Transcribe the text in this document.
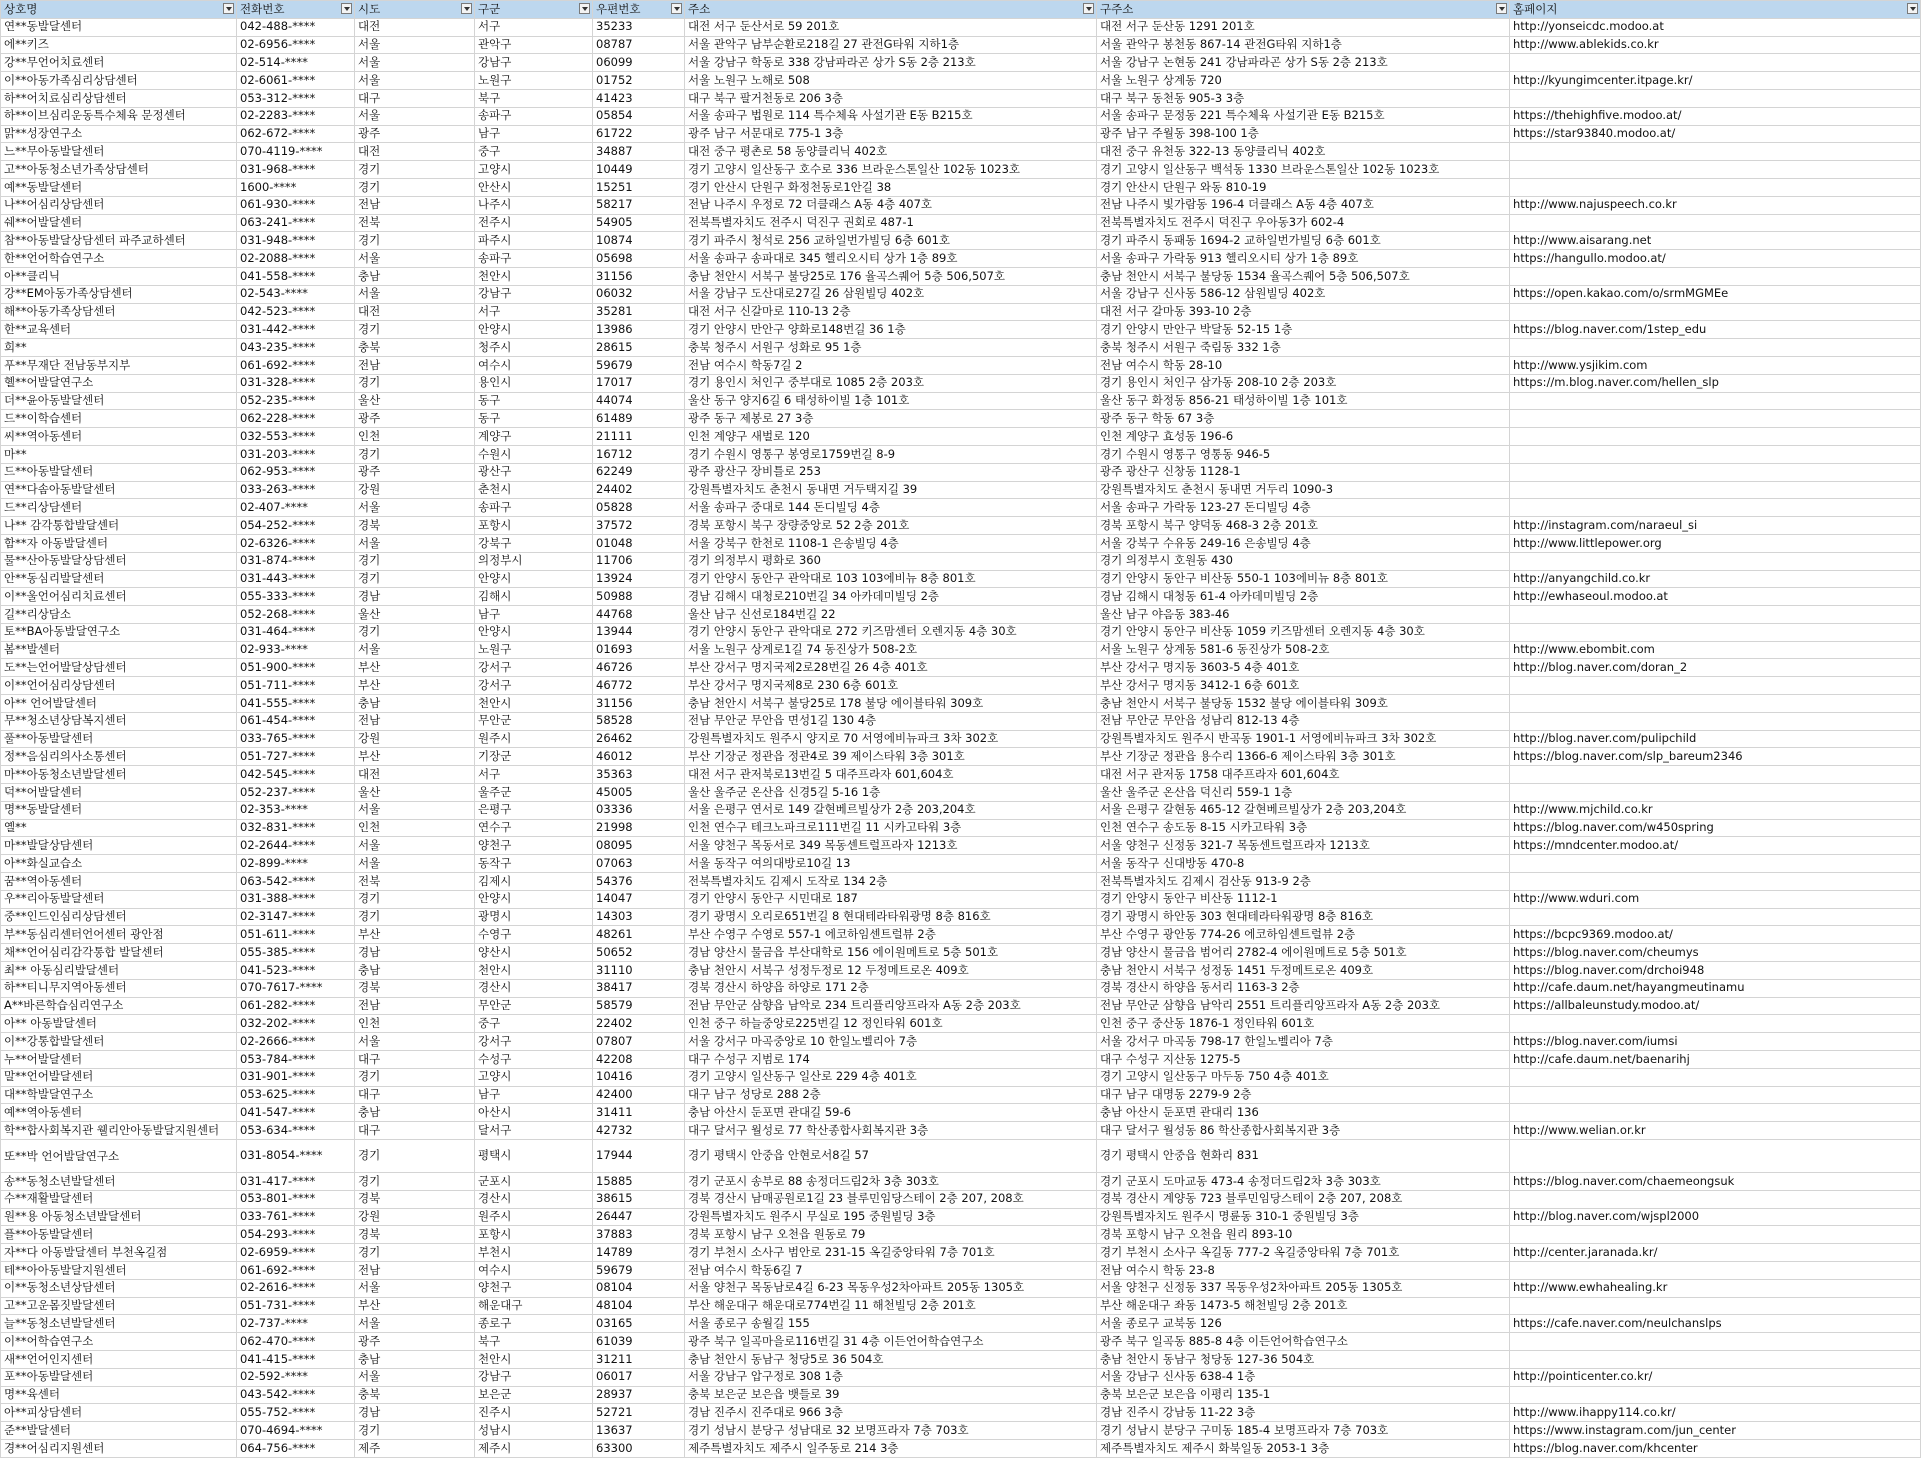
상호명	전화번호	시도	구군	우편번호	주소	구주소	홈페이지

연**동발달센터	042-488-****	대전	서구	35233	대전 서구 둔산서로 59 201호	대전 서구 둔산동 1291 201호	http://yonseicdc.modoo.at
에**키즈	02-6956-****	서울	관악구	08787	서울 관악구 남부순환로218길 27 관전G타워 지하1층	서울 관악구 봉천동 867-14 관전G타워 지하1층	http://www.ablekids.co.kr
강**무언어치료센터	02-514-****	서울	강남구	06099	서울 강남구 학동로 338 강남파라곤 상가 S동 2층 213호	서울 강남구 논현동 241 강남파라곤 상가 S동 2층 213호	
이**아동가족심리상담센터	02-6061-****	서울	노원구	01752	서울 노원구 노해로 508	서울 노원구 상계동 720	http://kyungimcenter.itpage.kr/
하**어치료심리상담센터	053-312-****	대구	북구	41423	대구 북구 팔거천동로 206 3층	대구 북구 동천동 905-3 3층	
하**이브심리운동특수체육 문정센터	02-2283-****	서울	송파구	05854	서울 송파구 법원로 114 특수체육 사설기관 E동 B215호	서울 송파구 문정동 221 특수체육 사설기관 E동 B215호	https://thehighfive.modoo.at/
맑**성장연구소	062-672-****	광주	남구	61722	광주 남구 서문대로 775-1 3층	광주 남구 주월동 398-100 1층	https://star93840.modoo.at/
느**무아동발달센터	070-4119-****	대전	중구	34887	대전 중구 평촌로 58 동양클리닉 402호	대전 중구 유천동 322-13 동양클리닉 402호	
고**아동청소년가족상담센터	031-968-****	경기	고양시	10449	경기 고양시 일산동구 호수로 336 브라운스톤일산 102동 1023호	경기 고양시 일산동구 백석동 1330 브라운스톤일산 102동 1023호	
예**동발달센터	1600-****	경기	안산시	15251	경기 안산시 단원구 화정천동로1안길 38	경기 안산시 단원구 와동 810-19	
나**어심리상담센터	061-930-****	전남	나주시	58217	전남 나주시 우정로 72 더클래스 A동 4층 407호	전남 나주시 빛가람동 196-4 더클래스 A동 4층 407호	http://www.najuspeech.co.kr
쉐**어발달센터	063-241-****	전북	전주시	54905	전북특별자치도 전주시 덕진구 권회로 487-1	전북특별자치도 전주시 덕진구 우아동3가 602-4	
참**아동발달상담센터 파주교하센터	031-948-****	경기	파주시	10874	경기 파주시 청석로 256 교하일번가빌딩 6층 601호	경기 파주시 동패동 1694-2 교하일번가빌딩 6층 601호	http://www.aisarang.net
한**언어학습연구소	02-2088-****	서울	송파구	05698	서울 송파구 송파대로 345 헬리오시티 상가 1층 89호	서울 송파구 가락동 913 헬리오시티 상가 1층 89호	https://hangullo.modoo.at/
아**클리닉	041-558-****	충남	천안시	31156	충남 천안시 서북구 불당25로 176 율곡스퀘어 5층 506,507호	충남 천안시 서북구 불당동 1534 율곡스퀘어 5층 506,507호	
강**EM아동가족상담센터	02-543-****	서울	강남구	06032	서울 강남구 도산대로27길 26 삼원빌딩 402호	서울 강남구 신사동 586-12 삼원빌딩 402호	https://open.kakao.com/o/srmMGMEe
해**아동가족상담센터	042-523-****	대전	서구	35281	대전 서구 신갈마로 110-13 2층	대전 서구 갈마동 393-10 2층	
한**교육센터	031-442-****	경기	안양시	13986	경기 안양시 만안구 양화로148번길 36 1층	경기 안양시 만안구 박달동 52-15 1층	https://blog.naver.com/1step_edu
희**	043-235-****	충북	청주시	28615	충북 청주시 서원구 성화로 95 1층	충북 청주시 서원구 죽림동 332 1층	
푸**무재단 전남동부지부	061-692-****	전남	여수시	59679	전남 여수시 학동7길 2	전남 여수시 학동 28-10	http://www.ysjikim.com
혤**어발달연구소	031-328-****	경기	용인시	17017	경기 용인시 처인구 중부대로 1085 2층 203호	경기 용인시 처인구 삼가동 208-10 2층 203호	https://m.blog.naver.com/hellen_slp
더**윤아동발달센터	052-235-****	울산	동구	44074	울산 동구 양지6길 6 태성하이빌 1층 101호	울산 동구 화정동 856-21 태성하이빌 1층 101호	
드**이학습센터	062-228-****	광주	동구	61489	광주 동구 제봉로 27 3층	광주 동구 학동 67 3층	
씨**역아동센터	032-553-****	인천	계양구	21111	인천 계양구 새벌로 120	인천 계양구 효성동 196-6	
마**	031-203-****	경기	수원시	16712	경기 수원시 영통구 봉영로1759번길 8-9	경기 수원시 영통구 영통동 946-5	
드**아동발달센터	062-953-****	광주	광산구	62249	광주 광산구 장비틀로 253	광주 광산구 신창동 1128-1	
연**다솜아동발달센터	033-263-****	강원	춘천시	24402	강원특별자치도 춘천시 동내면 거두택지길 39	강원특별자치도 춘천시 동내면 거두리 1090-3	
드**리상담센터	02-407-****	서울	송파구	05828	서울 송파구 중대로 144 돈디빌딩 4층	서울 송파구 가락동 123-27 돈디빌딩 4층	
나** 감각통합발달센터	054-252-****	경북	포항시	37572	경북 포항시 북구 장량중앙로 52 2층 201호	경북 포항시 북구 양덕동 468-3 2층 201호	http://instagram.com/naraeul_si
함**자 아동발달센터	02-6326-****	서울	강북구	01048	서울 강북구 한천로 1108-1 은송빌딩 4층	서울 강북구 수유동 249-16 은송빌딩 4층	http://www.littlepower.org
물**산아동발달상담센터	031-874-****	경기	의정부시	11706	경기 의정부시 평화로 360	경기 의정부시 호원동 430	
안**동심리발달센터	031-443-****	경기	안양시	13924	경기 안양시 동안구 관악대로 103 103에비뉴 8층 801호	경기 안양시 동안구 비산동 550-1 103에비뉴 8층 801호	http://anyangchild.co.kr
이**울언어심리치료센터	055-333-****	경남	김해시	50988	경남 김해시 대청로210번길 34 아카데미빌딩 2층	경남 김해시 대청동 61-4 아카데미빌딩 2층	http://ewhaseoul.modoo.at
길**리상담소	052-268-****	울산	남구	44768	울산 남구 신선로184번길 22	울산 남구 야음동 383-46	
토**BA아동발달연구소	031-464-****	경기	안양시	13944	경기 안양시 동안구 관악대로 272 키즈맘센터 오렌지동 4층 30호	경기 안양시 동안구 비산동 1059 키즈맘센터 오렌지동 4층 30호	
봄**발센터	02-933-****	서울	노원구	01693	서울 노원구 상계로1길 74 동진상가 508-2호	서울 노원구 상계동 581-6 동진상가 508-2호	http://www.ebombit.com
도**는언어발달상담센터	051-900-****	부산	강서구	46726	부산 강서구 명지국제2로28번길 26 4층 401호	부산 강서구 명지동 3603-5 4층 401호	http://blog.naver.com/doran_2
이**언어심리상담센터	051-711-****	부산	강서구	46772	부산 강서구 명지국제8로 230 6층 601호	부산 강서구 명지동 3412-1 6층 601호	
아** 언어발달센터	041-555-****	충남	천안시	31156	충남 천안시 서북구 불당25로 178 불당 에이블타워 309호	충남 천안시 서북구 불당동 1532 불당 에이블타워 309호	
무**청소년상담복지센터	061-454-****	전남	무안군	58528	전남 무안군 무안읍 면성1길 130 4층	전남 무안군 무안읍 성남리 812-13 4층	
풀**아동발달센터	033-765-****	강원	원주시	26462	강원특별자치도 원주시 양지로 70 서영에비뉴파크 3차 302호	강원특별자치도 원주시 반곡동 1901-1 서영에비뉴파크 3차 302호	http://blog.naver.com/pulipchild
정**음심리의사소통센터	051-727-****	부산	기장군	46012	부산 기장군 정관읍 정관4로 39 제이스타워 3층 301호	부산 기장군 정관읍 용수리 1366-6 제이스타워 3층 301호	https://blog.naver.com/slp_bareum2346
마**아동청소년발달센터	042-545-****	대전	서구	35363	대전 서구 관저북로13번길 5 대주프라자 601,604호	대전 서구 관저동 1758 대주프라자 601,604호	
덕**어발달센터	052-237-****	울산	울주군	45005	울산 울주군 온산읍 신경5길 5-16 1층	울산 울주군 온산읍 덕신리 559-1 1층	
명**동발달센터	02-353-****	서울	은평구	03336	서울 은평구 연서로 149 갈현베르빌상가 2층 203,204호	서울 은평구 갈현동 465-12 갈현베르빌상가 2층 203,204호	http://www.mjchild.co.kr
옐**	032-831-****	인천	연수구	21998	인천 연수구 테크노파크로111번길 11 시카고타워 3층	인천 연수구 송도동 8-15 시카고타워 3층	https://blog.naver.com/w450spring
마**발달상담센터	02-2644-****	서울	양천구	08095	서울 양천구 목동서로 349 목동센트럴프라자 1213호	서울 양천구 신정동 321-7 목동센트럴프라자 1213호	https://mndcenter.modoo.at/
아**화실교습소	02-899-****	서울	동작구	07063	서울 동작구 여의대방로10길 13	서울 동작구 신대방동 470-8	
꿈**역아동센터	063-542-****	전북	김제시	54376	전북특별자치도 김제시 도작로 134 2층	전북특별자치도 김제시 검산동 913-9 2층	
우**리아동발달센터	031-388-****	경기	안양시	14047	경기 안양시 동안구 시민대로 187	경기 안양시 동안구 비산동 1112-1	http://www.wduri.com
중**인드인심리상담센터	02-3147-****	경기	광명시	14303	경기 광명시 오리로651번길 8 현대테라타워광명 8층 816호	경기 광명시 하안동 303 현대테라타워광명 8층 816호	
부**동심리센터언어센터 광안점	051-611-****	부산	수영구	48261	부산 수영구 수영로 557-1 에코하임센트럴뷰 2층	부산 수영구 광안동 774-26 에코하임센트럴뷰 2층	https://bcpc9369.modoo.at/
채**언어심리감각통합 발달센터	055-385-****	경남	양산시	50652	경남 양산시 물금읍 부산대학로 156 에이원메트로 5층 501호	경남 양산시 물금읍 범어리 2782-4 에이원메트로 5층 501호	https://blog.naver.com/cheumys
최** 아동심리발달센터	041-523-****	충남	천안시	31110	충남 천안시 서북구 성정두정로 12 두정메트로온 409호	충남 천안시 서북구 성정동 1451 두정메트로온 409호	https://blog.naver.com/drchoi948
하**티니무지역아동센터	070-7617-****	경북	경산시	38417	경북 경산시 하양읍 하양로 171 2층	경북 경산시 하양읍 동서리 1163-3 2층	http://cafe.daum.net/hayangmeutinamu
A**바른학습심리연구소	061-282-****	전남	무안군	58579	전남 무안군 삼향읍 남악로 234 트리플리앙프라자 A동 2층 203호	전남 무안군 삼향읍 남악리 2551 트리플리앙프라자 A동 2층 203호	https://allbaleunstudy.modoo.at/
아** 아동발달센터	032-202-****	인천	중구	22402	인천 중구 하늘중앙로225번길 12 정인타워 601호	인천 중구 중산동 1876-1 정인타워 601호	
이**강통합발달센터	02-2666-****	서울	강서구	07807	서울 강서구 마곡중앙로 10 한일노벨리아 7층	서울 강서구 마곡동 798-17 한일노벨리아 7층	https://blog.naver.com/iumsi
누**어발달센터	053-784-****	대구	수성구	42208	대구 수성구 지범로 174	대구 수성구 지산동 1275-5	http://cafe.daum.net/baenarihj
말**언어발달센터	031-901-****	경기	고양시	10416	경기 고양시 일산동구 일산로 229 4층 401호	경기 고양시 일산동구 마두동 750 4층 401호	
대**학발달연구소	053-625-****	대구	남구	42400	대구 남구 성당로 288 2층	대구 남구 대명동 2279-9 2층	
예**역아동센터	041-547-****	충남	아산시	31411	충남 아산시 둔포면 관대길 59-6	충남 아산시 둔포면 관대리 136	
학**합사회복지관 웰리안아동발달지원센터	053-634-****	대구	달서구	42732	대구 달서구 월성로 77 학산종합사회복지관 3층	대구 달서구 월성동 86 학산종합사회복지관 3층	http://www.welian.or.kr
또**박 언어발달연구소	031-8054-****	경기	평택시	17944	경기 평택시 안중읍 안현로서8길 57	경기 평택시 안중읍 현화리 831	
송**동청소년발달센터	031-417-****	경기	군포시	15885	경기 군포시 송부로 88 송정더드림2차 3층 303호	경기 군포시 도마교동 473-4 송정더드림2차 3층 303호	https://blog.naver.com/chaemeongsuk
수**재활발달센터	053-801-****	경북	경산시	38615	경북 경산시 남매공원로1길 23 블루민임당스테이 2층 207, 208호	경북 경산시 계양동 723 블루민임당스테이 2층 207, 208호	
원**용 아동청소년발달센터	033-761-****	강원	원주시	26447	강원특별자치도 원주시 무실로 195 중원빌딩 3층	강원특별자치도 원주시 명륜동 310-1 중원빌딩 3층	http://blog.naver.com/wjspl2000
플**아동발달센터	054-293-****	경북	포항시	37883	경북 포항시 남구 오천읍 원동로 79	경북 포항시 남구 오천읍 원리 893-10	
자**다 아동발달센터 부천옥길점	02-6959-****	경기	부천시	14789	경기 부천시 소사구 범안로 231-15 옥길중앙타워 7층 701호	경기 부천시 소사구 옥길동 777-2 옥길중앙타워 7층 701호	http://center.jaranada.kr/
테**아아동발달지원센터	061-692-****	전남	여수시	59679	전남 여수시 학동6길 7	전남 여수시 학동 23-8	
이**동청소년상담센터	02-2616-****	서울	양천구	08104	서울 양천구 목동남로4길 6-23 목동우성2차아파트 205동 1305호	서울 양천구 신정동 337 목동우성2차아파트 205동 1305호	http://www.ewhahealing.kr
고**고운몸짓발달센터	051-731-****	부산	해운대구	48104	부산 해운대구 해운대로774번길 11 해천빌딩 2층 201호	부산 해운대구 좌동 1473-5 해천빌딩 2층 201호	
늘**동청소년발달센터	02-737-****	서울	종로구	03165	서울 종로구 송월길 155	서울 종로구 교북동 126	https://cafe.naver.com/neulchanslps
이**어학습연구소	062-470-****	광주	북구	61039	광주 북구 일곡마을로116번길 31 4층 이든언어학습연구소	광주 북구 일곡동 885-8 4층 이든언어학습연구소	
새**언어인지센터	041-415-****	충남	천안시	31211	충남 천안시 동남구 청당5로 36 504호	충남 천안시 동남구 청당동 127-36 504호	
포**아동발달센터	02-592-****	서울	강남구	06017	서울 강남구 압구정로 308 1층	서울 강남구 신사동 638-4 1층	http://pointicenter.co.kr/
명**육센터	043-542-****	충북	보은군	28937	충북 보은군 보은읍 뱃들로 39	충북 보은군 보은읍 이평리 135-1	
아**피상담센터	055-752-****	경남	진주시	52721	경남 진주시 진주대로 966 3층	경남 진주시 강남동 11-22 3층	http://www.ihappy114.co.kr/
준**발달센터	070-4694-****	경기	성남시	13637	경기 성남시 분당구 성남대로 32 보명프라자 7층 703호	경기 성남시 분당구 구미동 185-4 보명프라자 7층 703호	https://www.instagram.com/jun_center
경**어심리지원센터	064-756-****	제주	제주시	63300	제주특별자치도 제주시 일주동로 214 3층	제주특별자치도 제주시 화북일동 2053-1 3층	https://blog.naver.com/khcenter
